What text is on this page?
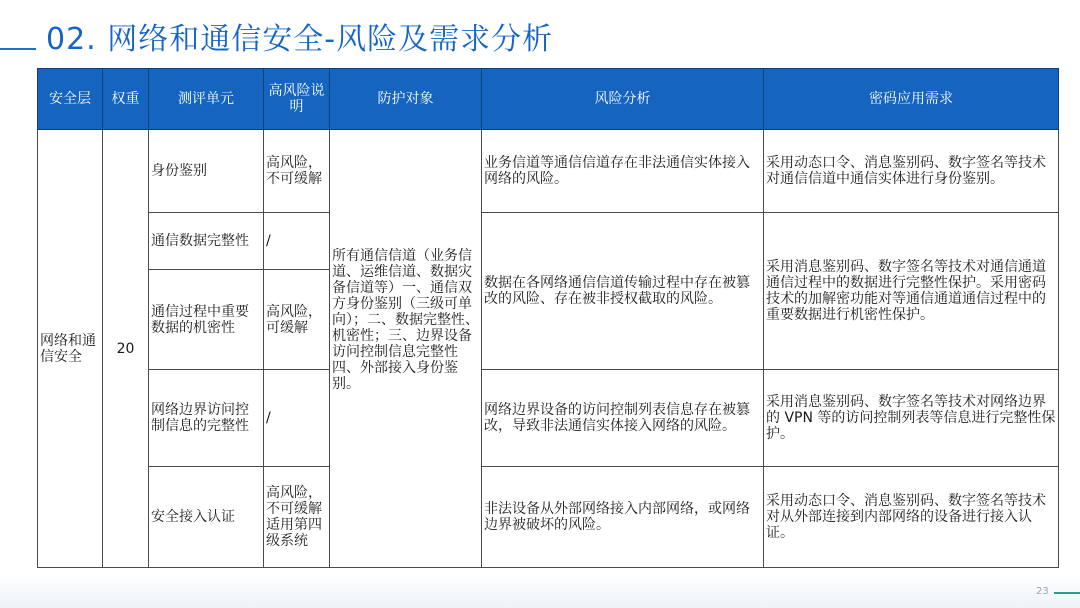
02. 网络和通信安全-风险及需求分析
安全层	权重	测评单元	高风险说明	防护对象	风险分析	密码应用需求
网络和通信安全	20	身份鉴别	高风险，不可缓解	所有通信信道（业务信道、运维信道、数据灾备信道等）一、通信双方身份鉴别（三级可单向）；二、数据完整性、机密性；三、边界设备访问控制信息完整性四、外部接入身份鉴别。	业务信道等通信信道存在非法通信实体接入网络的风险。	采用动态口令、消息鉴别码、数字签名等技术对通信信道中通信实体进行身份鉴别。
		通信数据完整性	/		数据在各网络通信信道传输过程中存在被篡改的风险、存在被非授权截取的风险。	采用消息鉴别码、数字签名等技术对通信通道通信过程中的数据进行完整性保护。采用密码技术的加解密功能对等通信通道通信过程中的重要数据进行机密性保护。
		通信过程中重要数据的机密性	高风险，可缓解			
		网络边界访问控制信息的完整性	/		网络边界设备的访问控制列表信息存在被篡改，导致非法通信实体接入网络的风险。	采用消息鉴别码、数字签名等技术对网络边界的 VPN 等的访问控制列表等信息进行完整性保护。
		安全接入认证	高风险，不可缓解适用第四级系统		非法设备从外部网络接入内部网络，或网络边界被破坏的风险。	采用动态口令、消息鉴别码、数字签名等技术对从外部连接到内部网络的设备进行接入认证。
23
